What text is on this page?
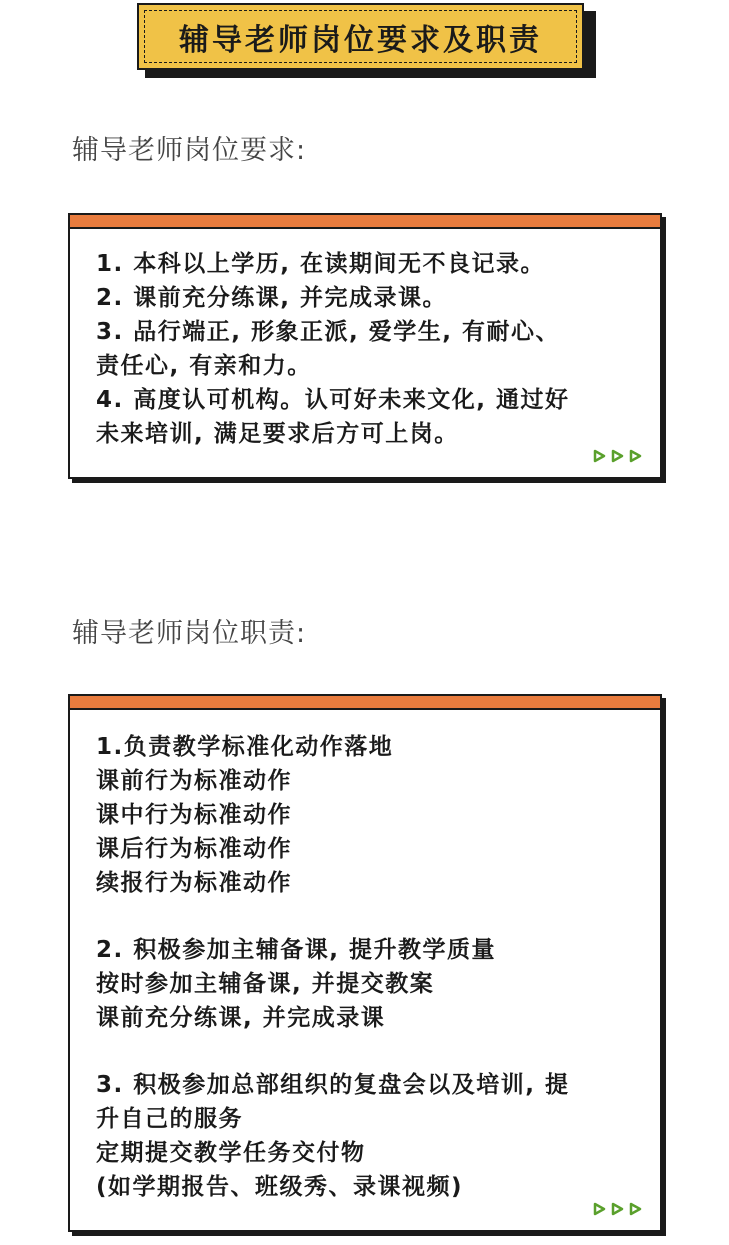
辅导老师岗位要求及职责
辅导老师岗位要求:

1. 本科以上学历, 在读期间无不良记录。

2. 课前充分练课, 并完成录课。

3. 品行端正, 形象正派, 爱学生, 有耐心、

责任心, 有亲和力。

4. 高度认可机构。认可好未来文化, 通过好

未来培训, 满足要求后方可上岗。

辅导老师岗位职责:

1.负责教学标准化动作落地

课前行为标准动作

课中行为标准动作

课后行为标准动作

续报行为标准动作

2. 积极参加主辅备课, 提升教学质量

按时参加主辅备课, 并提交教案

课前充分练课, 并完成录课

3. 积极参加总部组织的复盘会以及培训, 提

升自己的服务

定期提交教学任务交付物

(如学期报告、班级秀、录课视频)
